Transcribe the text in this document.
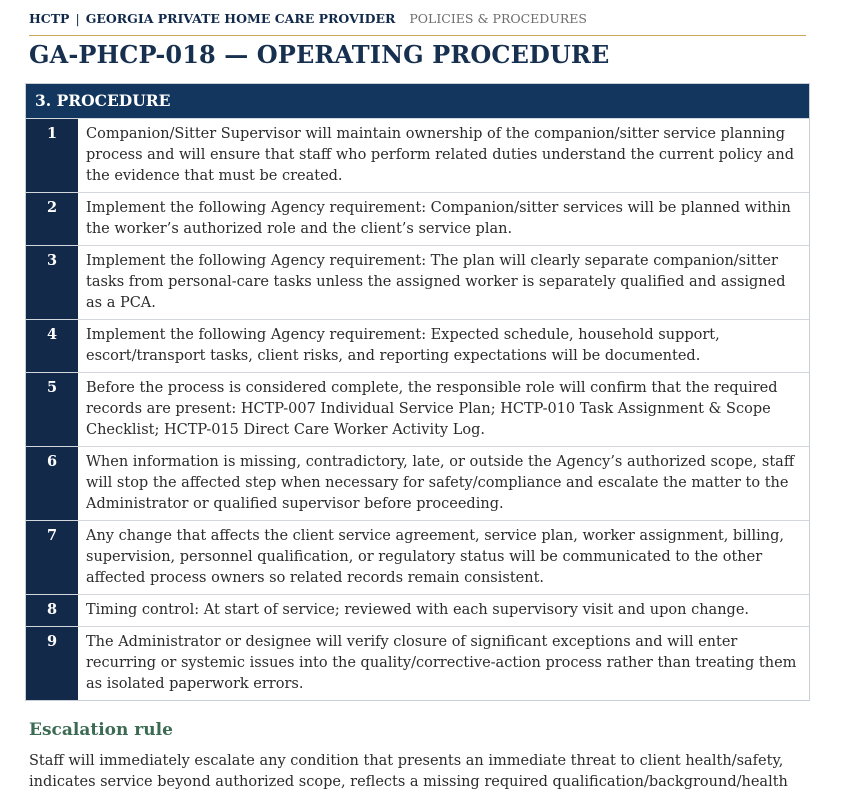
HCTP | GEORGIA PRIVATE HOME CARE PROVIDER POLICIES & PROCEDURES
GA-PHCP-018 — OPERATING PROCEDURE
3. PROCEDURE
1	Companion/Sitter Supervisor will maintain ownership of the companion/sitter service planning process and will ensure that staff who perform related duties understand the current policy and the evidence that must be created.
2	Implement the following Agency requirement: Companion/sitter services will be planned within the worker’s authorized role and the client’s service plan.
3	Implement the following Agency requirement: The plan will clearly separate companion/sitter tasks from personal-care tasks unless the assigned worker is separately qualified and assigned as a PCA.
4	Implement the following Agency requirement: Expected schedule, household support, escort/transport tasks, client risks, and reporting expectations will be documented.
5	Before the process is considered complete, the responsible role will confirm that the required records are present: HCTP-007 Individual Service Plan; HCTP-010 Task Assignment & Scope Checklist; HCTP-015 Direct Care Worker Activity Log.
6	When information is missing, contradictory, late, or outside the Agency’s authorized scope, staff will stop the affected step when necessary for safety/compliance and escalate the matter to the Administrator or qualified supervisor before proceeding.
7	Any change that affects the client service agreement, service plan, worker assignment, billing, supervision, personnel qualification, or regulatory status will be communicated to the other affected process owners so related records remain consistent.
8	Timing control: At start of service; reviewed with each supervisory visit and upon change.
9	The Administrator or designee will verify closure of significant exceptions and will enter recurring or systemic issues into the quality/corrective-action process rather than treating them as isolated paperwork errors.
Escalation rule

Staff will immediately escalate any condition that presents an immediate threat to client health/safety, indicates service beyond authorized scope, reflects a missing required qualification/background/health
